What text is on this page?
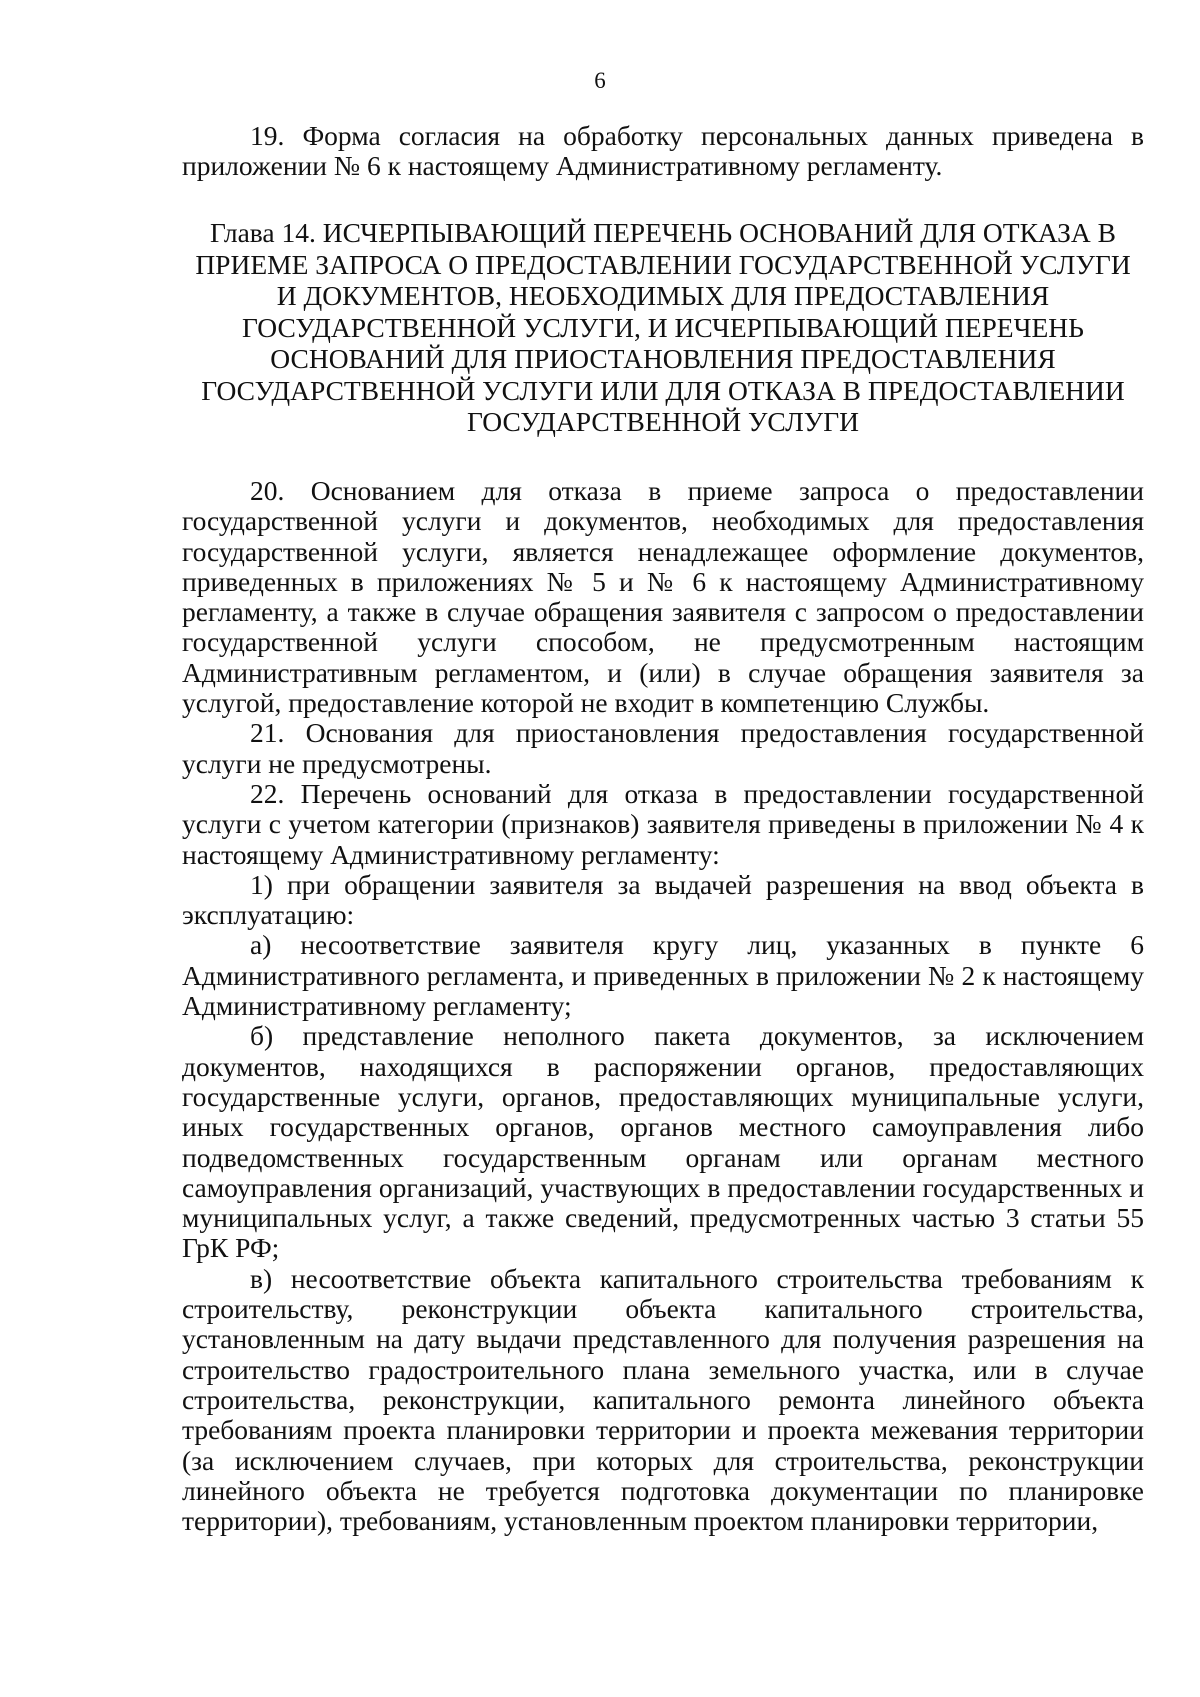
6

19. Форма согласия на обработку персональных данных приведена в приложении № 6 к настоящему Административному регламенту.

Глава 14. ИСЧЕРПЫВАЮЩИЙ ПЕРЕЧЕНЬ ОСНОВАНИЙ ДЛЯ ОТКАЗА В ПРИЕМЕ ЗАПРОСА О ПРЕДОСТАВЛЕНИИ ГОСУДАРСТВЕННОЙ УСЛУГИ И ДОКУМЕНТОВ, НЕОБХОДИМЫХ ДЛЯ ПРЕДОСТАВЛЕНИЯ ГОСУДАРСТВЕННОЙ УСЛУГИ, И ИСЧЕРПЫВАЮЩИЙ ПЕРЕЧЕНЬ ОСНОВАНИЙ ДЛЯ ПРИОСТАНОВЛЕНИЯ ПРЕДОСТАВЛЕНИЯ ГОСУДАРСТВЕННОЙ УСЛУГИ ИЛИ ДЛЯ ОТКАЗА В ПРЕДОСТАВЛЕНИИ ГОСУДАРСТВЕННОЙ УСЛУГИ

20. Основанием для отказа в приеме запроса о предоставлении государственной услуги и документов, необходимых для предоставления государственной услуги, является ненадлежащее оформление документов, приведенных в приложениях № 5 и № 6 к настоящему Административному регламенту, а также в случае обращения заявителя с запросом о предоставлении государственной услуги способом, не предусмотренным настоящим Административным регламентом, и (или) в случае обращения заявителя за услугой, предоставление которой не входит в компетенцию Службы.

21. Основания для приостановления предоставления государственной услуги не предусмотрены.

22. Перечень оснований для отказа в предоставлении государственной услуги с учетом категории (признаков) заявителя приведены в приложении № 4 к настоящему Административному регламенту:

1) при обращении заявителя за выдачей разрешения на ввод объекта в эксплуатацию:

а) несоответствие заявителя кругу лиц, указанных в пункте 6 Административного регламента, и приведенных в приложении № 2 к настоящему Административному регламенту;

б) представление неполного пакета документов, за исключением документов, находящихся в распоряжении органов, предоставляющих государственные услуги, органов, предоставляющих муниципальные услуги, иных государственных органов, органов местного самоуправления либо подведомственных государственным органам или органам местного самоуправления организаций, участвующих в предоставлении государственных и муниципальных услуг, а также сведений, предусмотренных частью 3 статьи 55 ГрК РФ;

в) несоответствие объекта капитального строительства требованиям к строительству, реконструкции объекта капитального строительства, установленным на дату выдачи представленного для получения разрешения на строительство градостроительного плана земельного участка, или в случае строительства, реконструкции, капитального ремонта линейного объекта требованиям проекта планировки территории и проекта межевания территории (за исключением случаев, при которых для строительства, реконструкции линейного объекта не требуется подготовка документации по планировке территории), требованиям, установленным проектом планировки территории,
